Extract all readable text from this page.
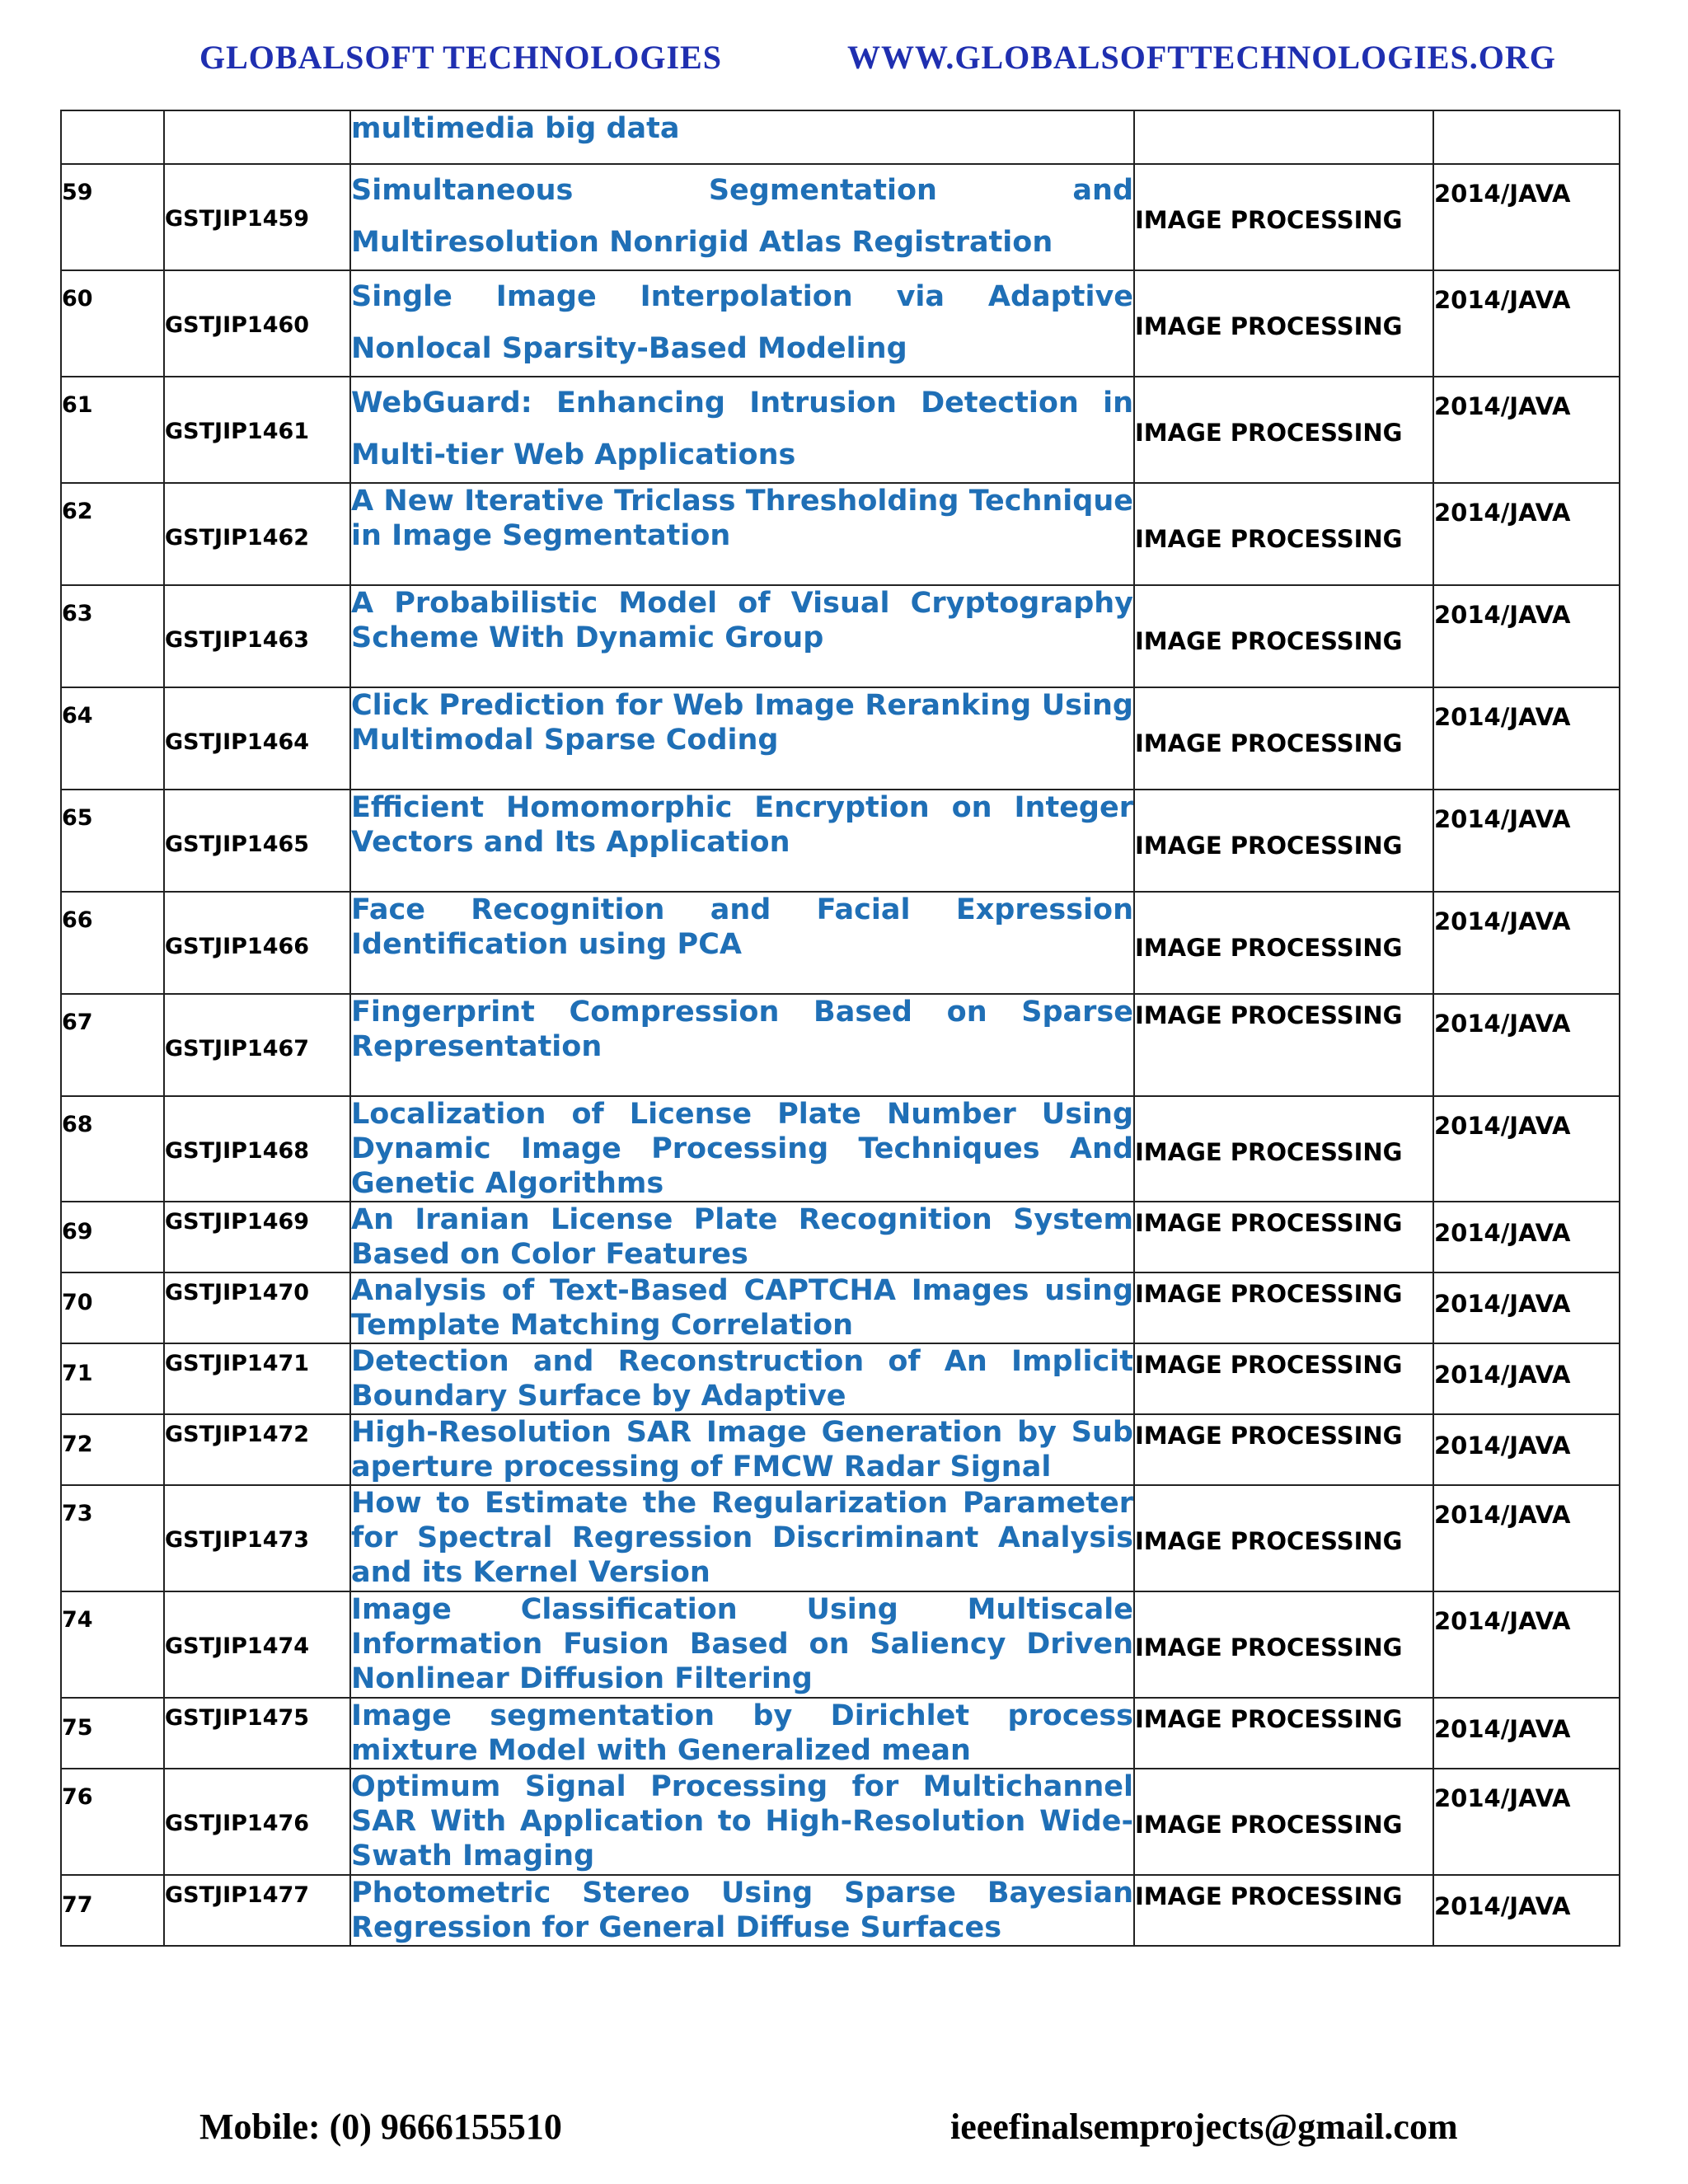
GLOBALSOFT TECHNOLOGIES	WWW.GLOBALSOFTTECHNOLOGIES.ORG
		multimedia big data		

59	GSTJIP1459	Simultaneous Segmentation and Multiresolution Nonrigid Atlas Registration	IMAGE PROCESSING	2014/JAVA

60	GSTJIP1460	Single Image Interpolation via Adaptive Nonlocal Sparsity-Based Modeling	IMAGE PROCESSING	2014/JAVA

61	GSTJIP1461	WebGuard: Enhancing Intrusion Detection in Multi-tier Web Applications	IMAGE PROCESSING	2014/JAVA

62	GSTJIP1462	A New Iterative Triclass Thresholding Technique in Image Segmentation	IMAGE PROCESSING	2014/JAVA

63	GSTJIP1463	A Probabilistic Model of Visual Cryptography Scheme With Dynamic Group	IMAGE PROCESSING	2014/JAVA

64	GSTJIP1464	Click Prediction for Web Image Reranking Using Multimodal Sparse Coding	IMAGE PROCESSING	2014/JAVA

65	GSTJIP1465	Efficient Homomorphic Encryption on Integer Vectors and Its Application	IMAGE PROCESSING	2014/JAVA

66	GSTJIP1466	Face Recognition and Facial Expression Identification using PCA	IMAGE PROCESSING	2014/JAVA

67	GSTJIP1467	Fingerprint Compression Based on Sparse Representation	IMAGE PROCESSING	2014/JAVA

68	GSTJIP1468	Localization of License Plate Number Using Dynamic Image Processing Techniques And Genetic Algorithms	IMAGE PROCESSING	2014/JAVA

69	GSTJIP1469	An Iranian License Plate Recognition System Based on Color Features	IMAGE PROCESSING	2014/JAVA

70	GSTJIP1470	Analysis of Text-Based CAPTCHA Images using Template Matching Correlation	IMAGE PROCESSING	2014/JAVA

71	GSTJIP1471	Detection and Reconstruction of An Implicit Boundary Surface by Adaptive	IMAGE PROCESSING	2014/JAVA

72	GSTJIP1472	High-Resolution SAR Image Generation by Sub aperture processing of FMCW Radar Signal	IMAGE PROCESSING	2014/JAVA

73	GSTJIP1473	How to Estimate the Regularization Parameter for Spectral Regression Discriminant Analysis and its Kernel Version	IMAGE PROCESSING	2014/JAVA

74	GSTJIP1474	Image Classification Using Multiscale Information Fusion Based on Saliency Driven Nonlinear Diffusion Filtering	IMAGE PROCESSING	2014/JAVA

75	GSTJIP1475	Image segmentation by Dirichlet process mixture Model with Generalized mean	IMAGE PROCESSING	2014/JAVA

76	GSTJIP1476	Optimum Signal Processing for Multichannel SAR With Application to High-Resolution Wide-Swath Imaging	IMAGE PROCESSING	2014/JAVA

77	GSTJIP1477	Photometric Stereo Using Sparse Bayesian Regression for General Diffuse Surfaces	IMAGE PROCESSING	2014/JAVA
Mobile: (0) 9666155510	ieeefinalsemprojects@gmail.com
